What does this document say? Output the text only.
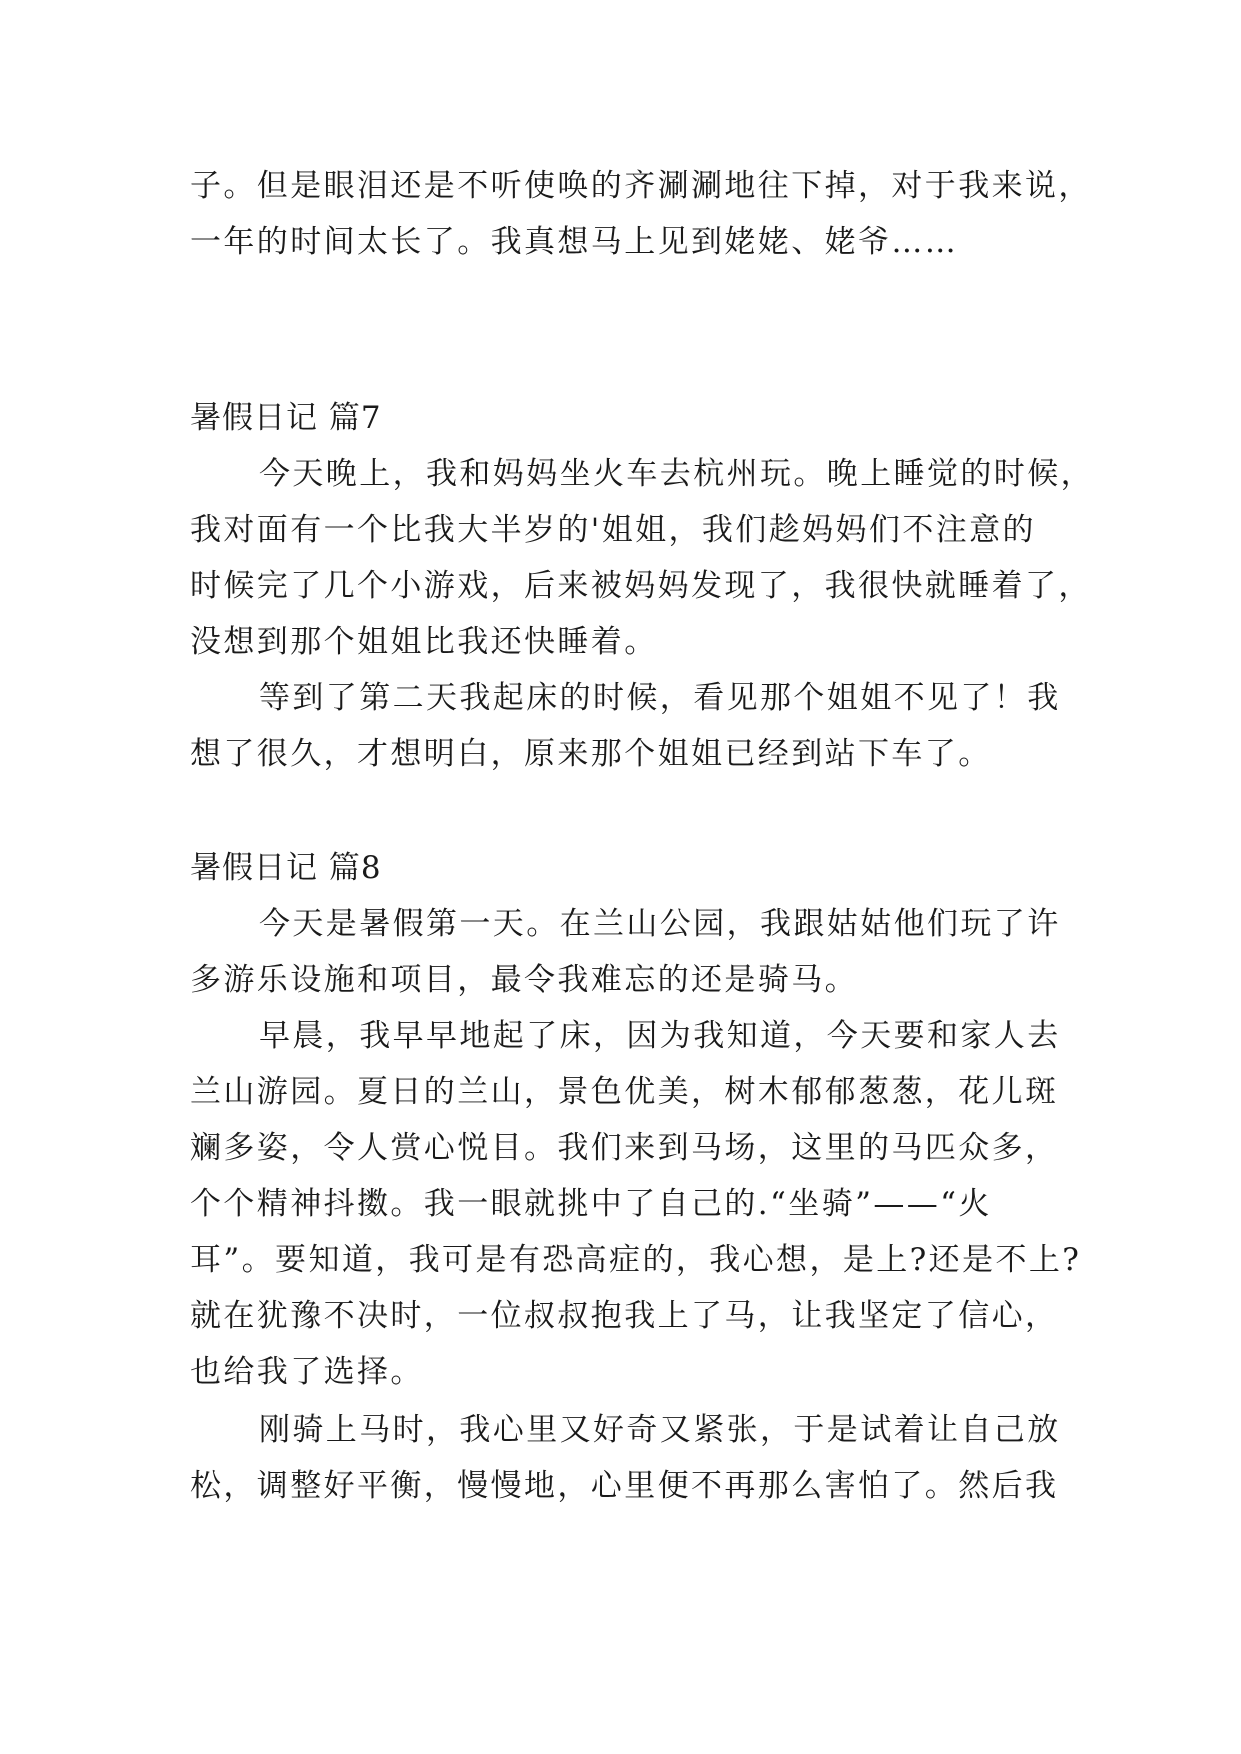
子。但是眼泪还是不听使唤的齐涮涮地往下掉，对于我来说，
一年的时间太长了。我真想马上见到姥姥、姥爷……
暑假日记 篇7
今天晚上，我和妈妈坐火车去杭州玩。晚上睡觉的时候，
我对面有一个比我大半岁的'姐姐，我们趁妈妈们不注意的
时候完了几个小游戏，后来被妈妈发现了，我很快就睡着了，
没想到那个姐姐比我还快睡着。
等到了第二天我起床的时候，看见那个姐姐不见了！我
想了很久，才想明白，原来那个姐姐已经到站下车了。
暑假日记 篇8
今天是暑假第一天。在兰山公园，我跟姑姑他们玩了许
多游乐设施和项目，最令我难忘的还是骑马。
早晨，我早早地起了床，因为我知道，今天要和家人去
兰山游园。夏日的兰山，景色优美，树木郁郁葱葱，花儿斑
斓多姿，令人赏心悦目。我们来到马场，这里的马匹众多，
个个精神抖擞。我一眼就挑中了自己的.“坐骑”——“火
耳”。要知道，我可是有恐高症的，我心想，是上?还是不上?
就在犹豫不决时，一位叔叔抱我上了马，让我坚定了信心，
也给我了选择。
刚骑上马时，我心里又好奇又紧张，于是试着让自己放
松，调整好平衡，慢慢地，心里便不再那么害怕了。然后我
